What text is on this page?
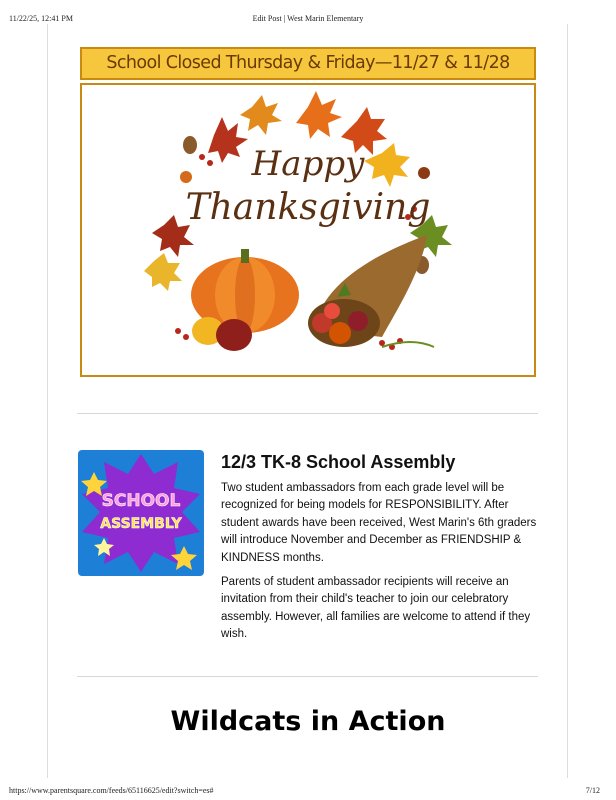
11/22/25, 12:41 PM	Edit Post | West Marin Elementary
School Closed Thursday & Friday—11/27 & 11/28
Happy
Thanksgiving
SCHOOL
ASSEMBLY
12/3 TK-8 School Assembly

Two student ambassadors from each grade level will be
recognized for being models for RESPONSIBILITY. After
student awards have been received, West Marin's 6th graders
will introduce November and December as FRIENDSHIP &
KINDNESS months.

Parents of student ambassador recipients will receive an
invitation from their child's teacher to join our celebratory
assembly. However, all families are welcome to attend if they
wish.

Wildcats in Action
https://www.parentsquare.com/feeds/65116625/edit?switch=es#	7/12
